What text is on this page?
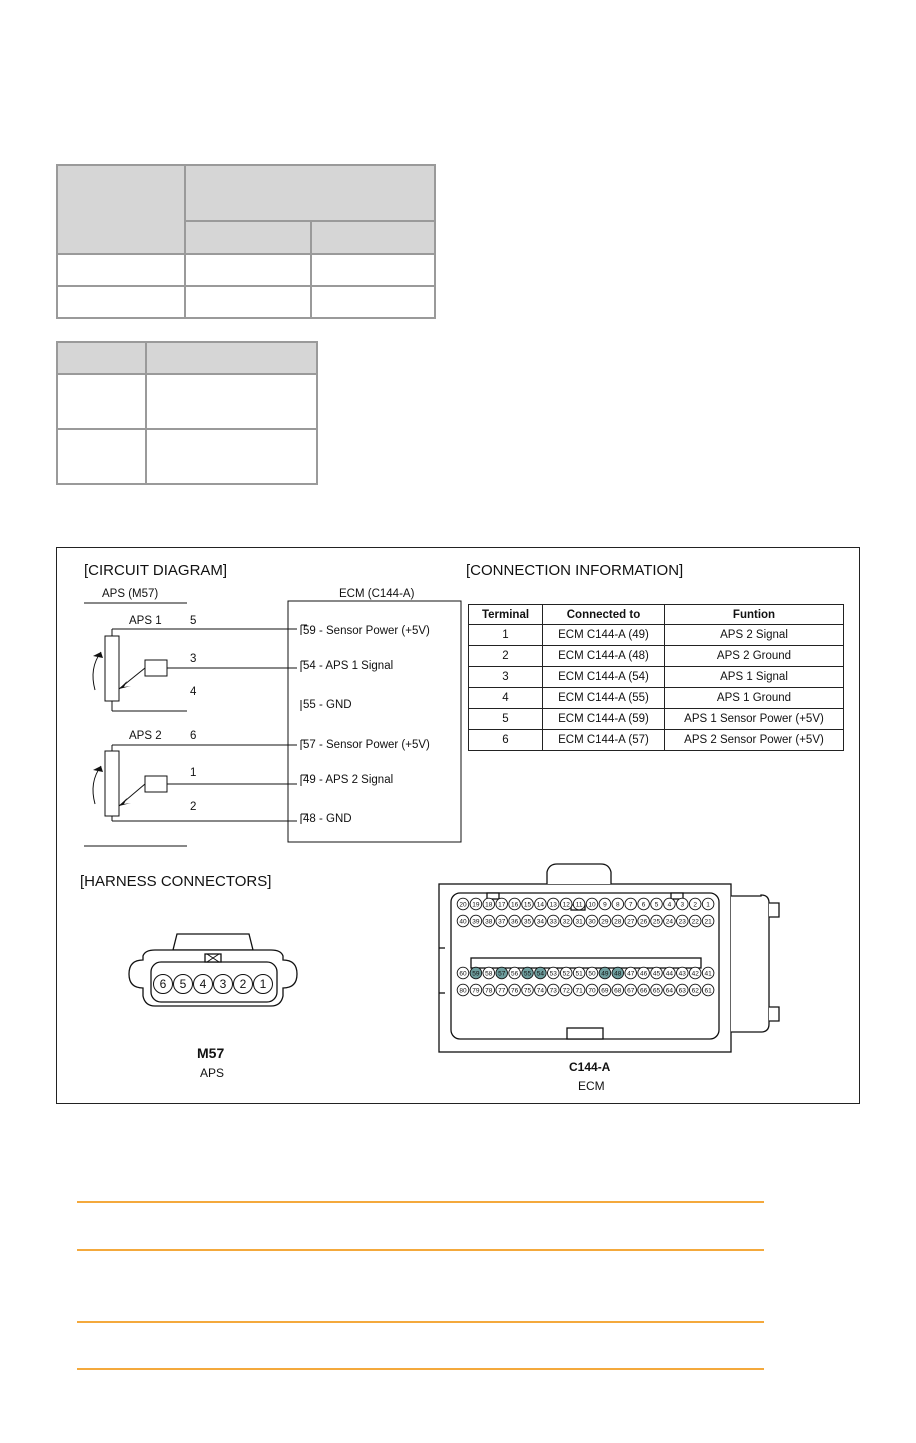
[CIRCUIT DIAGRAM]	[CONNECTION INFORMATION]
[HARNESS CONNECTORS]
APS (M57)	ECM (C144-A)
APS 1
APS 2
5
3
4
6
1
2
59 - Sensor Power (+5V)
54 - APS 1 Signal
55 - GND
57 - Sensor Power (+5V)
49 - APS 2 Signal
48 - GND
Terminal	Connected to	Funtion
1	ECM C144-A (49)	APS 2 Signal
2	ECM C144-A (48)	APS 2 Ground
3	ECM C144-A (54)	APS 1 Signal
4	ECM C144-A (55)	APS 1 Ground
5	ECM C144-A (59)	APS 1 Sensor Power (+5V)
6	ECM C144-A (57)	APS 2 Sensor Power (+5V)
6	5	4	3	2	1
M57
APS
20 19 18 17 16 15 14 13 12 11 10 9 8 7 6 5 4 3 2 1
40 39 38 37 36 35 34 33 32 31 30 29 28 27 26 25 24 23 22 21
60 59 58 57 56 55 54 53 52 51 50 49 48 47 46 45 44 43 42 41
80 79 78 77 76 75 74 73 72 71 70 69 68 67 66 65 64 63 62 61
C144-A
ECM
